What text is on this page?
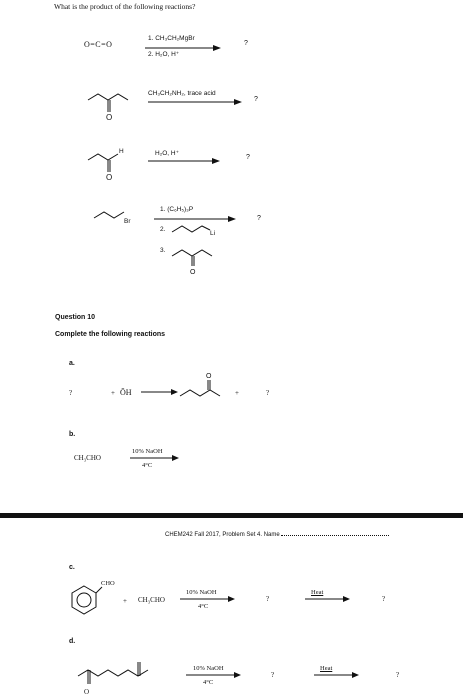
What is the product of the following reactions?
O=C=O
1. CH₃CH₂MgBr
2. H₂O, H⁺
?
O
CH₃CH₂NH₂, trace acid
?
O
H	H₂O, H⁺
?
Br
1. (C₆H₅)₃P
2.
Li
3.
O
?
Question 10
Complete the following reactions
a.
?	+ ŌH
O
+	?
b.
CH₃CHO
10% NaOH
4°C
CHEM242 Fall 2017, Problem Set 4. Name
c.
CHO
+ CH₃CHO
10% NaOH
4°C
?
Heat
?
d.
O
10% NaOH
4°C
?
Heat
?
